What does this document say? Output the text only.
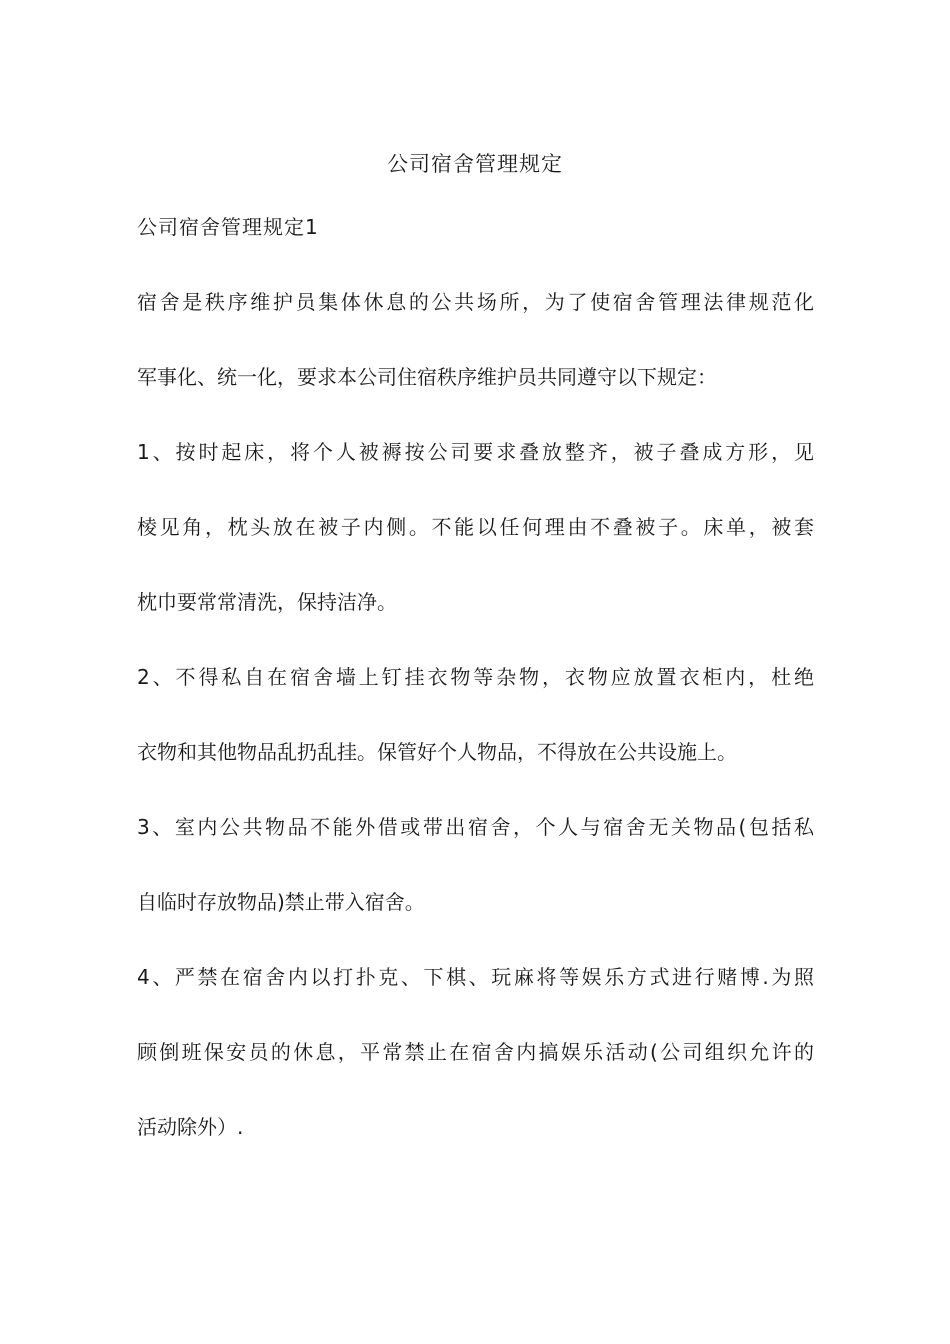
公司宿舍管理规定
公司宿舍管理规定1
宿舍是秩序维护员集体休息的公共场所，为了使宿舍管理法律规范化
军事化、统一化，要求本公司住宿秩序维护员共同遵守以下规定：
1、按时起床，将个人被褥按公司要求叠放整齐，被子叠成方形，见
棱见角，枕头放在被子内侧。不能以任何理由不叠被子。床单，被套
枕巾要常常清洗，保持洁净。
2、不得私自在宿舍墙上钉挂衣物等杂物，衣物应放置衣柜内，杜绝
衣物和其他物品乱扔乱挂。保管好个人物品，不得放在公共设施上。
3、室内公共物品不能外借或带出宿舍，个人与宿舍无关物品(包括私
自临时存放物品)禁止带入宿舍。
4、严禁在宿舍内以打扑克、下棋、玩麻将等娱乐方式进行赌博.为照
顾倒班保安员的休息，平常禁止在宿舍内搞娱乐活动(公司组织允许的
活动除外）.
